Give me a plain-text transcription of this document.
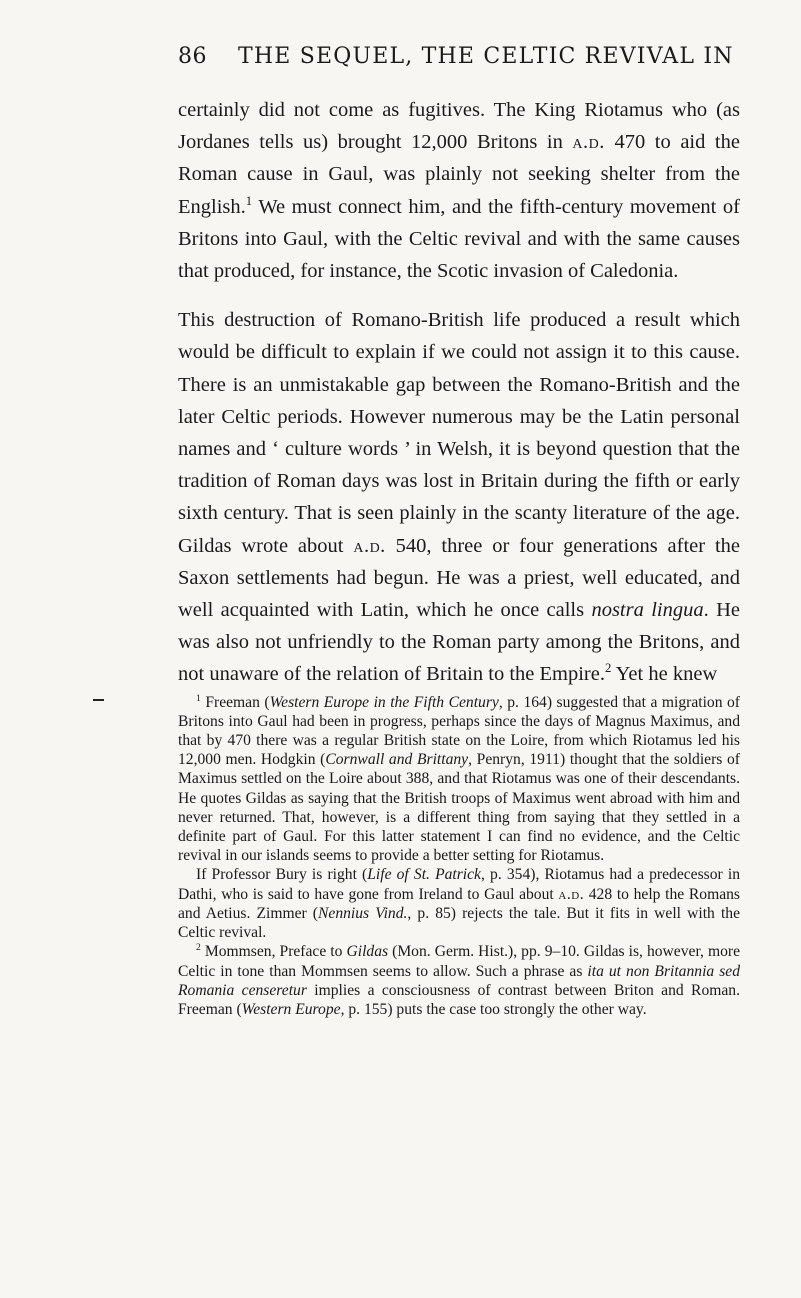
86 THE SEQUEL, THE CELTIC REVIVAL IN

certainly did not come as fugitives. The King Riotamus who (as Jordanes tells us) brought 12,000 Britons in a.d. 470 to aid the Roman cause in Gaul, was plainly not seeking shelter from the English.$^1$ We must connect him, and the fifth-century movement of Britons into Gaul, with the Celtic revival and with the same causes that produced, for instance, the Scotic invasion of Caledonia.

This destruction of Romano-British life produced a result which would be difficult to explain if we could not assign it to this cause. There is an unmistakable gap between the Romano-British and the later Celtic periods. However numerous may be the Latin personal names and ‘ culture words ’ in Welsh, it is beyond question that the tradition of Roman days was lost in Britain during the fifth or early sixth century. That is seen plainly in the scanty literature of the age. Gildas wrote about a.d. 540, three or four generations after the Saxon settlements had begun. He was a priest, well educated, and well acquainted with Latin, which he once calls nostra lingua. He was also not unfriendly to the Roman party among the Britons, and not unaware of the relation of Britain to the Empire.$^2$ Yet he knew

$^1$ Freeman (Western Europe in the Fifth Century, p. 164) suggested that a migration of Britons into Gaul had been in progress, perhaps since the days of Magnus Maximus, and that by 470 there was a regular British state on the Loire, from which Riotamus led his 12,000 men. Hodgkin (Cornwall and Brittany, Penryn, 1911) thought that the soldiers of Maximus settled on the Loire about 388, and that Riotamus was one of their descendants. He quotes Gildas as saying that the British troops of Maximus went abroad with him and never returned. That, however, is a different thing from saying that they settled in a definite part of Gaul. For this latter statement I can find no evidence, and the Celtic revival in our islands seems to provide a better setting for Riotamus.

If Professor Bury is right (Life of St. Patrick, p. 354), Riotamus had a predecessor in Dathi, who is said to have gone from Ireland to Gaul about a.d. 428 to help the Romans and Aetius. Zimmer (Nennius Vind., p. 85) rejects the tale. But it fits in well with the Celtic revival.

$^2$ Mommsen, Preface to Gildas (Mon. Germ. Hist.), pp. 9–10. Gildas is, however, more Celtic in tone than Mommsen seems to allow. Such a phrase as ita ut non Britannia sed Romania censeretur implies a consciousness of contrast between Briton and Roman. Freeman (Western Europe, p. 155) puts the case too strongly the other way.
